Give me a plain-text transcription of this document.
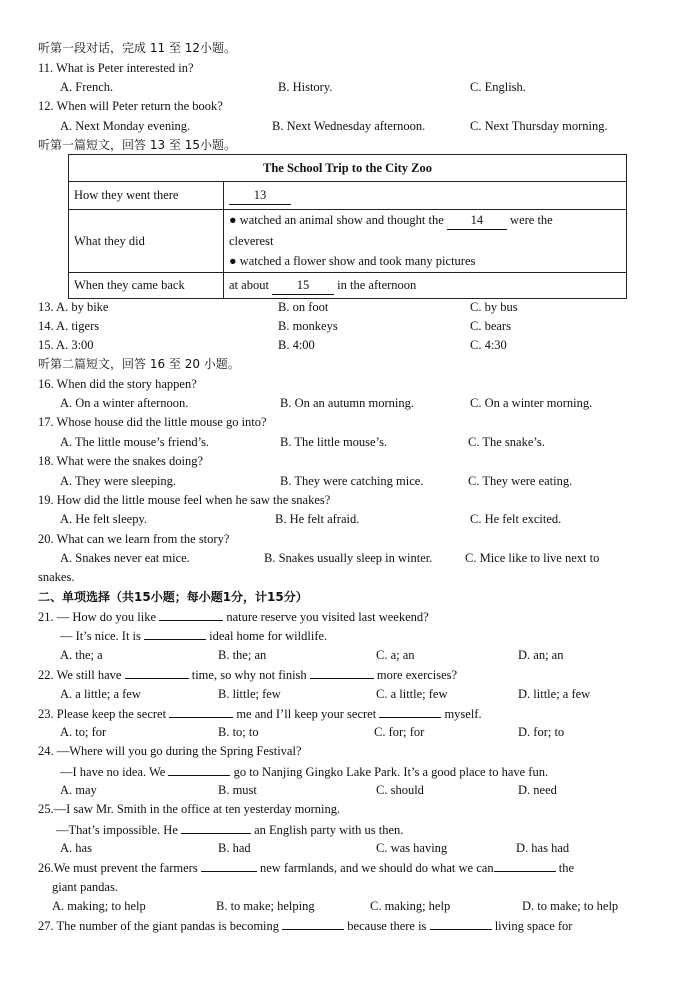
听第一段对话，完成 11 至 12小题。
11. What is Peter interested in?
A. French.	B. History.	C. English.
12. When will Peter return the book?
A. Next Monday evening.	B. Next Wednesday afternoon.	C. Next Thursday morning.
听第一篇短文，回答 13 至 15小题。
The School Trip to the City Zoo	
How they went there	13
What they did	● watched an animal show and thought the 14 were the
cleverest
● watched a flower show and took many pictures

When they came back	at about 15 in the afternoon
13. A. by bike	B. on foot	C. by bus
14. A. tigers	B. monkeys	C. bears
15. A. 3:00	B. 4:00	C. 4:30
听第二篇短文，回答 16 至 20 小题。
16. When did the story happen?
A. On a winter afternoon.	B. On an autumn morning.	C. On a winter morning.
17. Whose house did the little mouse go into?
A. The little mouse’s friend’s.	B. The little mouse’s.	C. The snake’s.
18. What were the snakes doing?
A. They were sleeping.	B. They were catching mice.	C. They were eating.
19. How did the little mouse feel when he saw the snakes?
A. He felt sleepy.	B. He felt afraid.	C. He felt excited.
20. What can we learn from the story?
A. Snakes never eat mice.	B. Snakes usually sleep in winter.	C. Mice like to live next to
snakes.
二、单项选择（共15小题；每小题1分，计15分）
21. — How do you like	nature reserve you visited last weekend?
— It’s nice. It is	ideal home for wildlife.
A. the; a	B. the; an	C. a; an	D. an; an
22. We still have	time, so why not finish	more exercises?
A. a little; a few	B. little; few	C. a little; few	D. little; a few
23. Please keep the secret	me and I’ll keep your secret	myself.
A. to; for	B. to; to	C. for; for	D. for; to
24. —Where will you go during the Spring Festival?
—I have no idea. We	go to Nanjing Gingko Lake Park. It’s a good place to have fun.
A. may	B. must	C. should	D. need
25.—I saw Mr. Smith in the office at ten yesterday morning.
—That’s impossible. He	an English party with us then.
A. has	B. had	C. was having	D. has had
26.We must prevent the farmers	new farmlands, and we should do what we can	the
giant pandas.
A. making; to help	B. to make; helping	C. making; help	D. to make; to help
27. The number of the giant pandas is becoming	because there is	living space for
